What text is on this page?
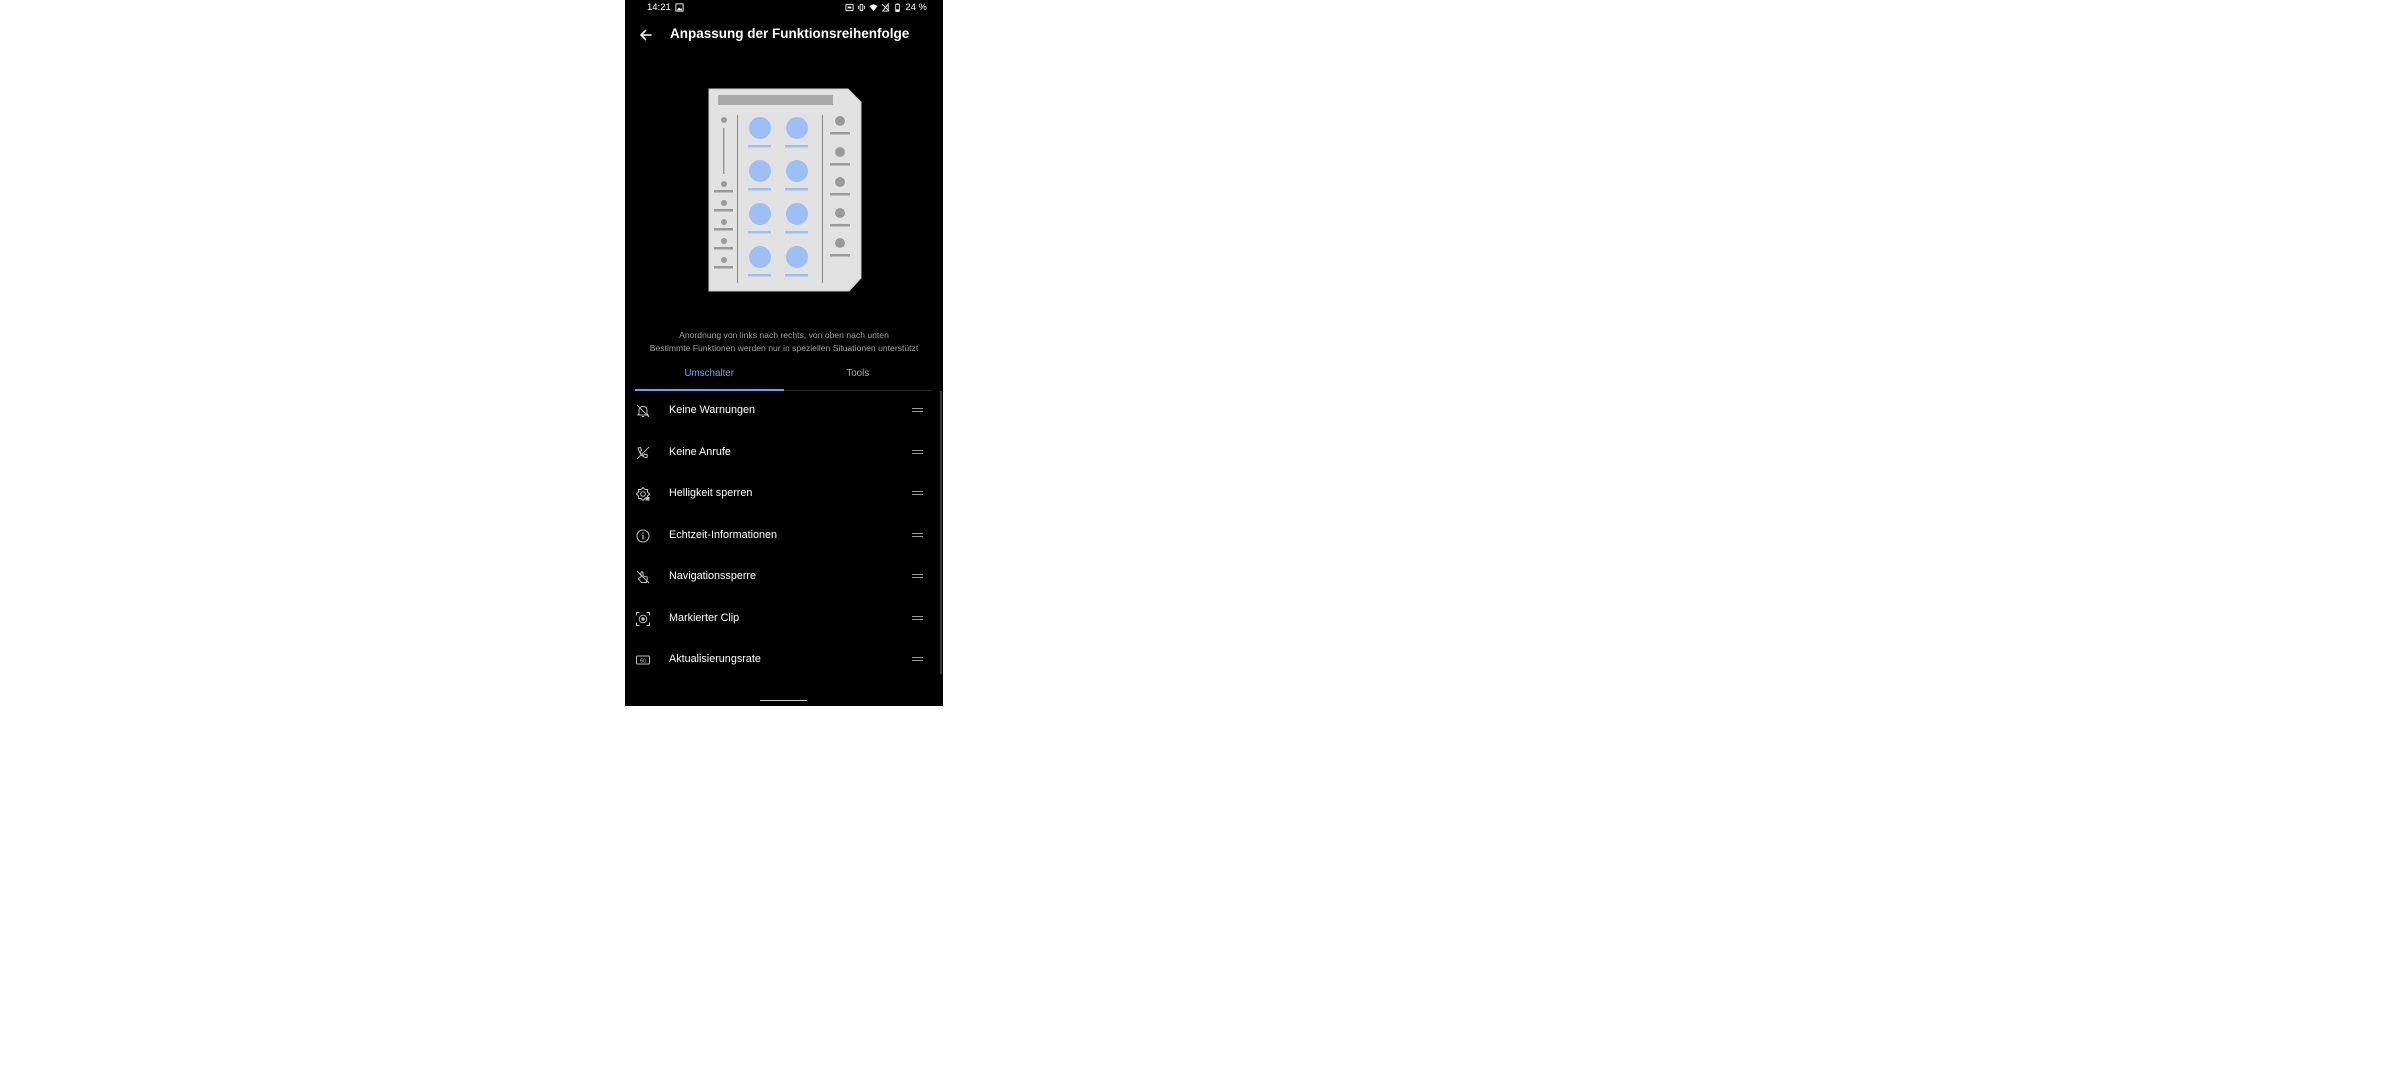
14:21	24 %
Anpassung der Funktionsreihenfolge
Anordnung von links nach rechts, von oben nach unten
Bestimmte Funktionen werden nur in speziellen Situationen unterstützt
Umschalter	Tools
Keine Warnungen
Keine Anrufe
Helligkeit sperren
Echtzeit-Informationen
Navigationssperre
Markierter Clip
60 Aktualisierungsrate
